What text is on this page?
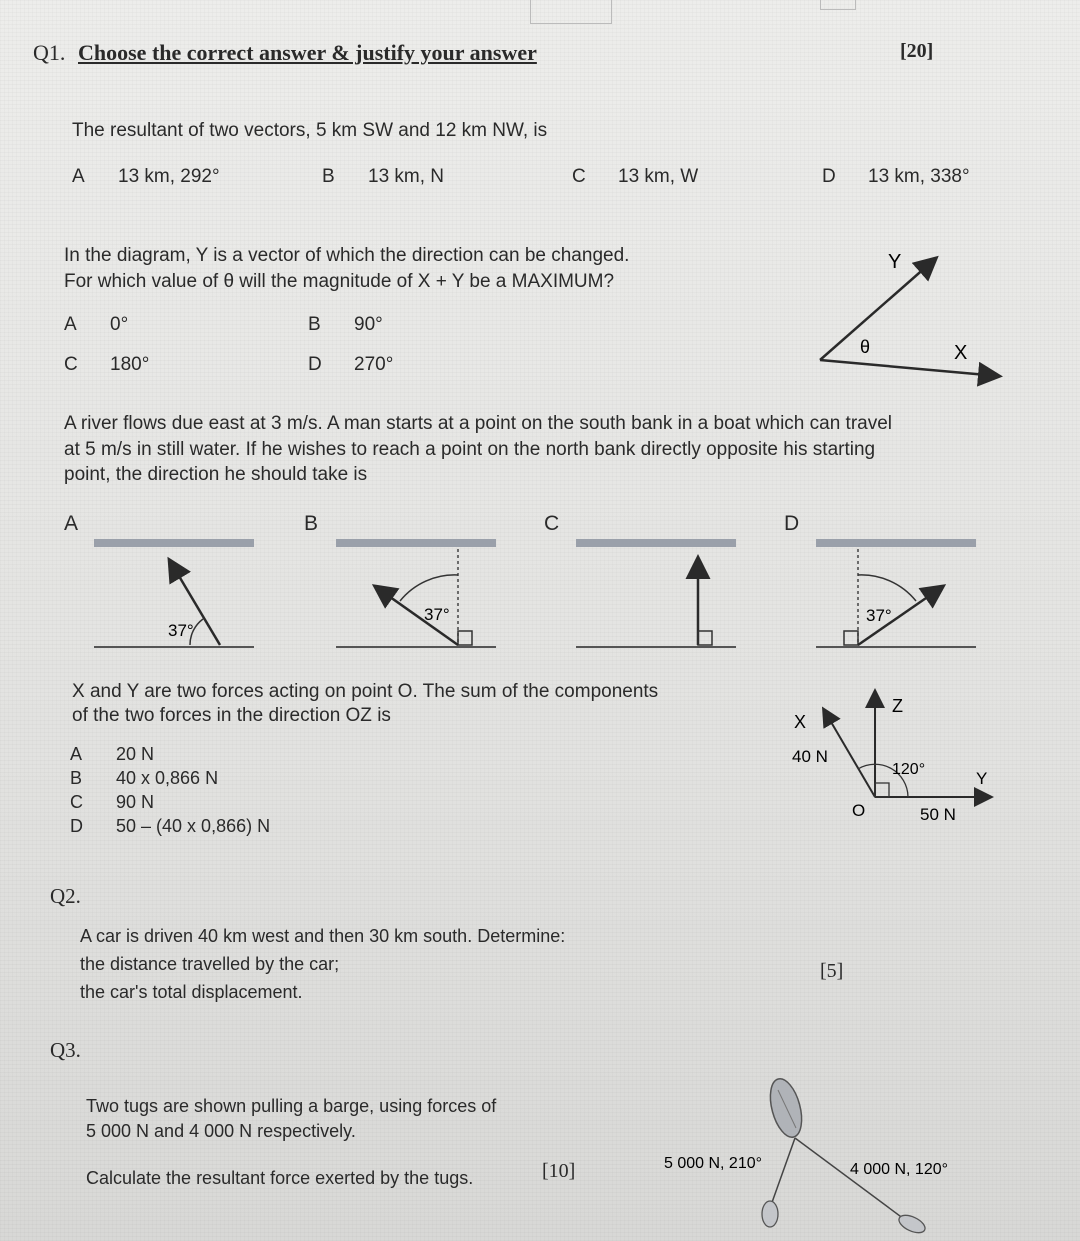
Q1. Choose the correct answer & justify your answer	[20]
The resultant of two vectors, 5 km SW and 12 km NW, is
A 13 km, 292°	B 13 km, N	C 13 km, W	D 13 km, 338°
In the diagram, Y is a vector of which the direction can be changed.
For which value of θ will the magnitude of X + Y be a MAXIMUM?
A 0°	B 90°
C 180°	D 270°
Y
X
θ
A river flows due east at 3 m/s. A man starts at a point on the south bank in a boat which can travel
at 5 m/s in still water. If he wishes to reach a point on the north bank directly opposite his starting
point, the direction he should take is
A
37°
B
37°
C	D
37°
X and Y are two forces acting on point O. The sum of the components
of the two forces in the direction OZ is
A 20 N
B 40 x 0,866 N
C 90 N
D 50 – (40 x 0,866) N
X
40 N
Z
120°	Y
50 N
O
Q2.
A car is driven 40 km west and then 30 km south. Determine:
the distance travelled by the car;
the car's total displacement.
[5]
Q3.
Two tugs are shown pulling a barge, using forces of
5 000 N and 4 000 N respectively.
Calculate the resultant force exerted by the tugs.	[10]	5 000 N, 210°	4 000 N, 120°
